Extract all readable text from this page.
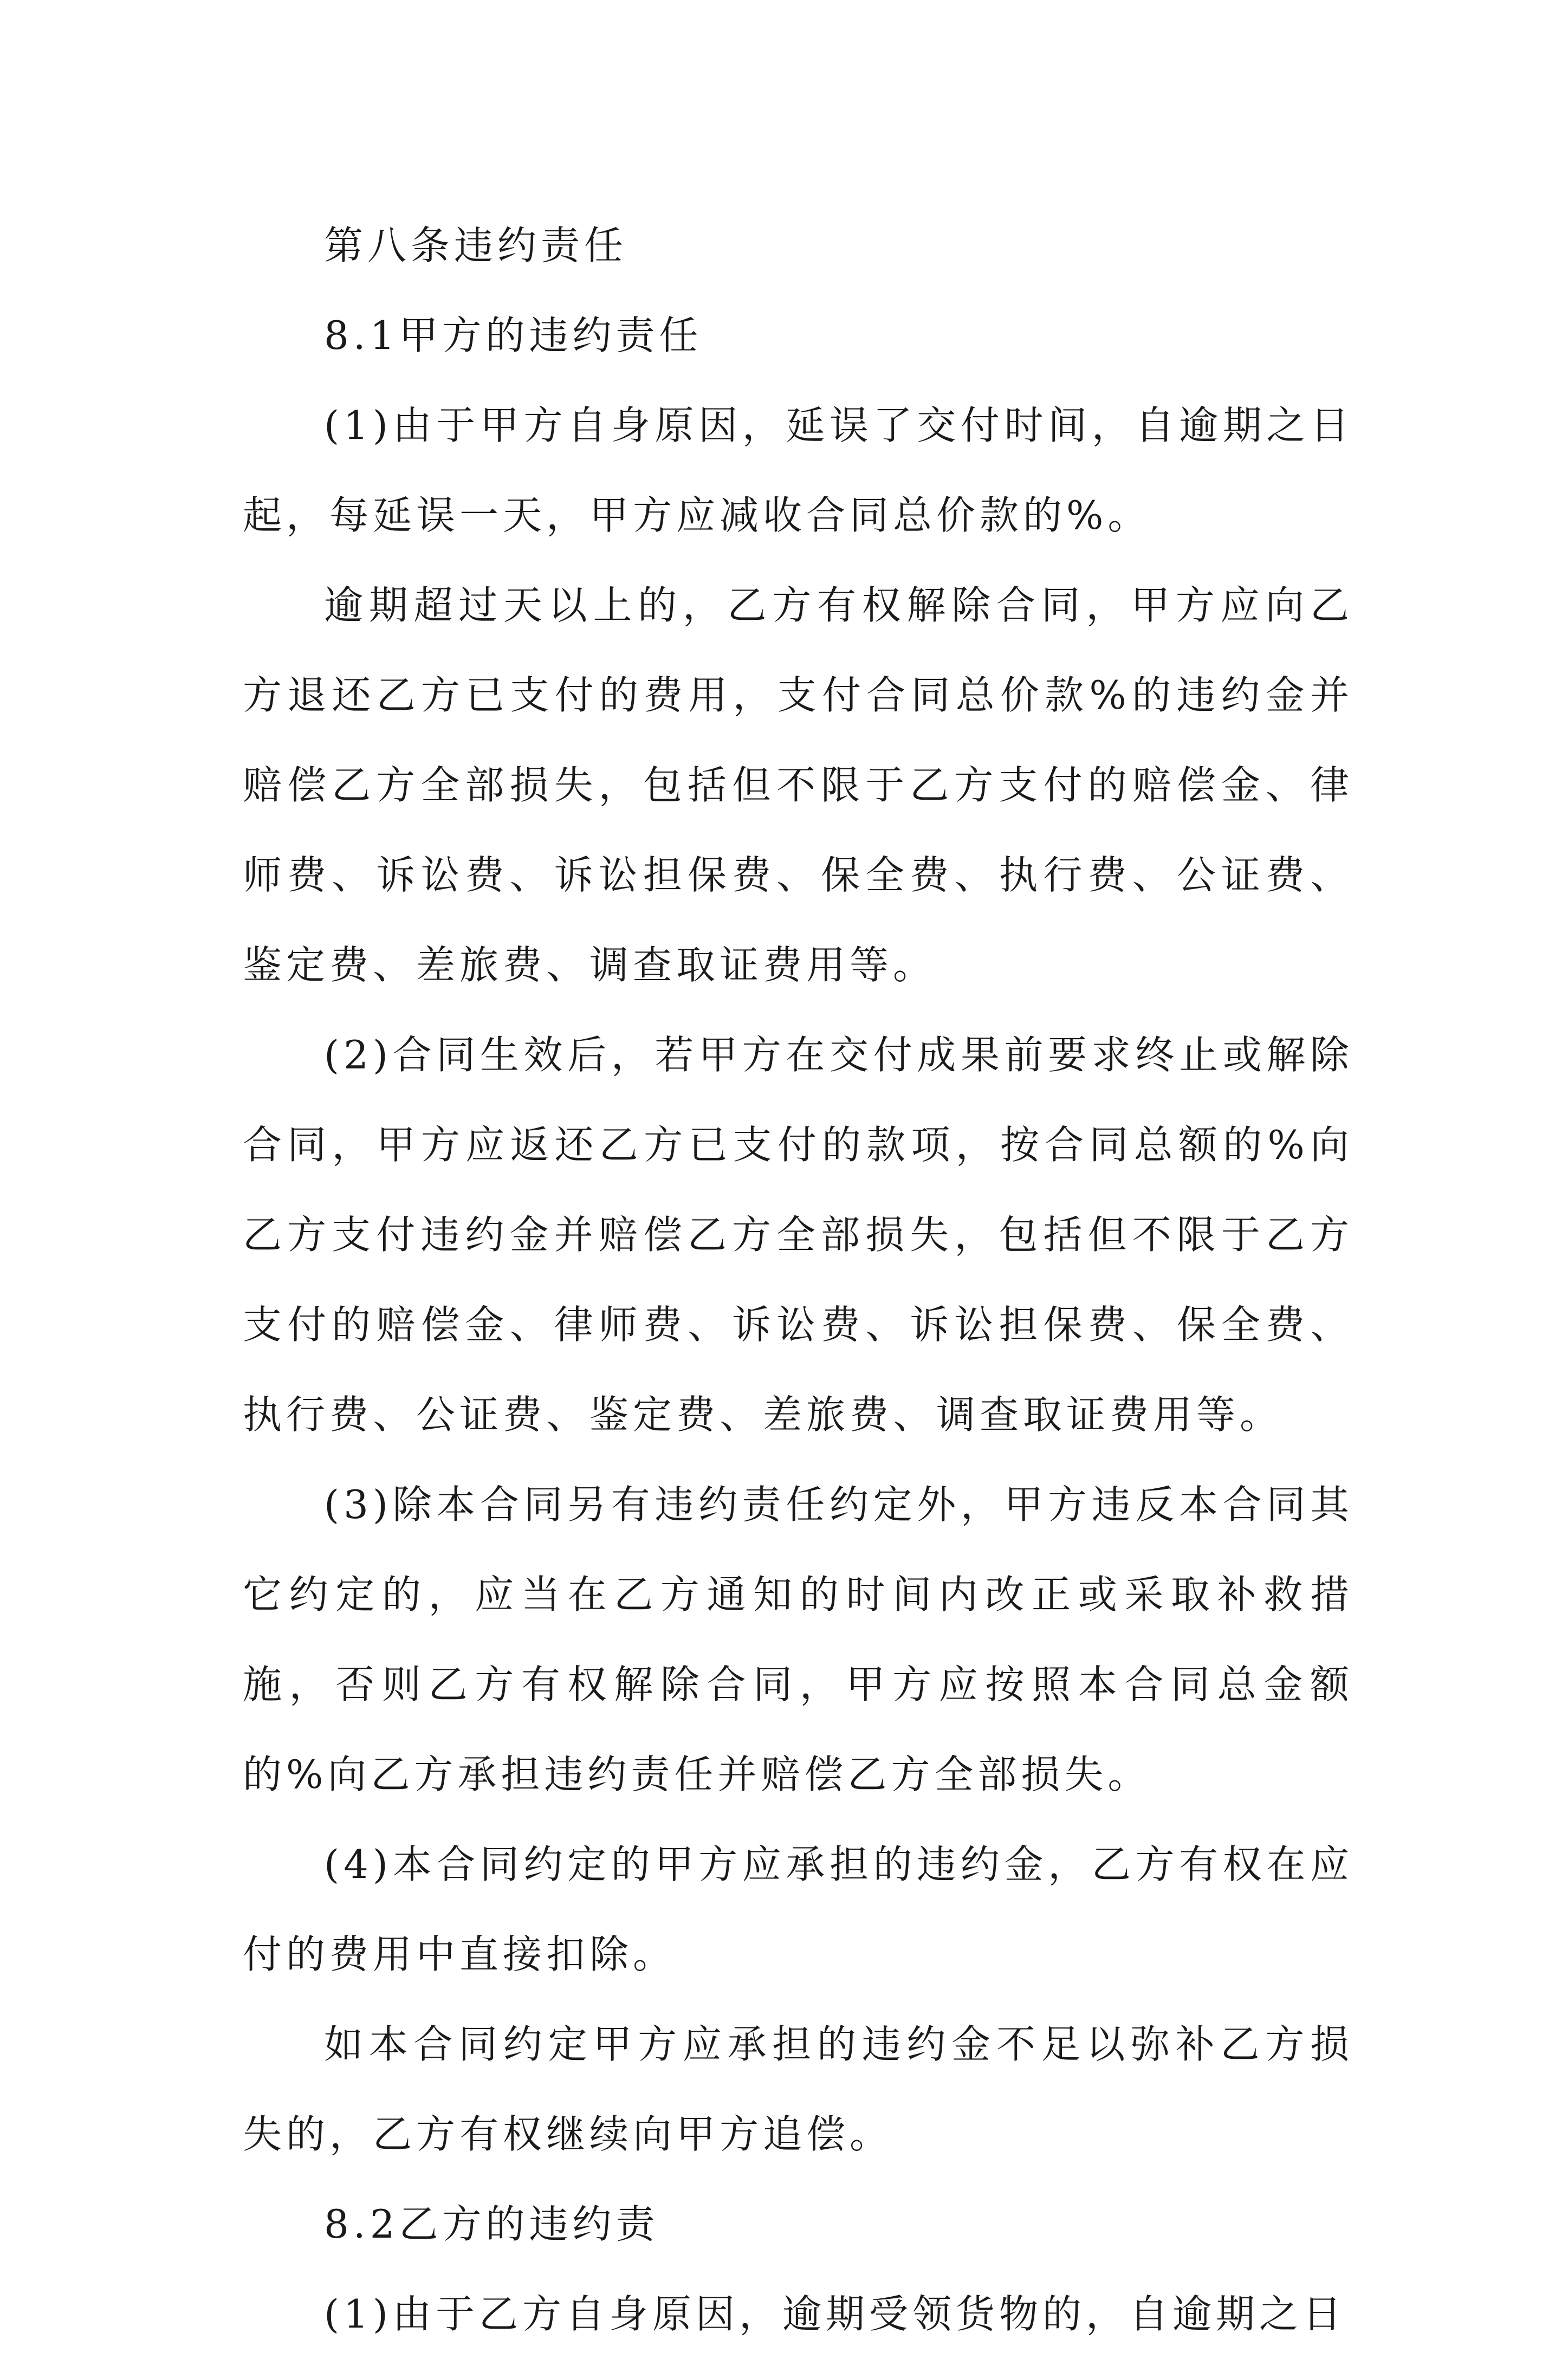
第八条违约责任

8.1甲方的违约责任

(1)由于甲方自身原因，延误了交付时间，自逾期之日起，每延误一天，甲方应减收合同总价款的%。

逾期超过天以上的，乙方有权解除合同，甲方应向乙方退还乙方已支付的费用，支付合同总价款%的违约金并赔偿乙方全部损失，包括但不限于乙方支付的赔偿金、律师费、诉讼费、诉讼担保费、保全费、执行费、公证费、鉴定费、差旅费、调查取证费用等。

(2)合同生效后，若甲方在交付成果前要求终止或解除合同，甲方应返还乙方已支付的款项，按合同总额的%向乙方支付违约金并赔偿乙方全部损失，包括但不限于乙方支付的赔偿金、律师费、诉讼费、诉讼担保费、保全费、执行费、公证费、鉴定费、差旅费、调查取证费用等。

(3)除本合同另有违约责任约定外，甲方违反本合同其它约定的，应当在乙方通知的时间内改正或采取补救措施，否则乙方有权解除合同，甲方应按照本合同总金额的%向乙方承担违约责任并赔偿乙方全部损失。

(4)本合同约定的甲方应承担的违约金，乙方有权在应付的费用中直接扣除。

如本合同约定甲方应承担的违约金不足以弥补乙方损失的，乙方有权继续向甲方追偿。

8.2乙方的违约责

(1)由于乙方自身原因，逾期受领货物的，自逾期之日
